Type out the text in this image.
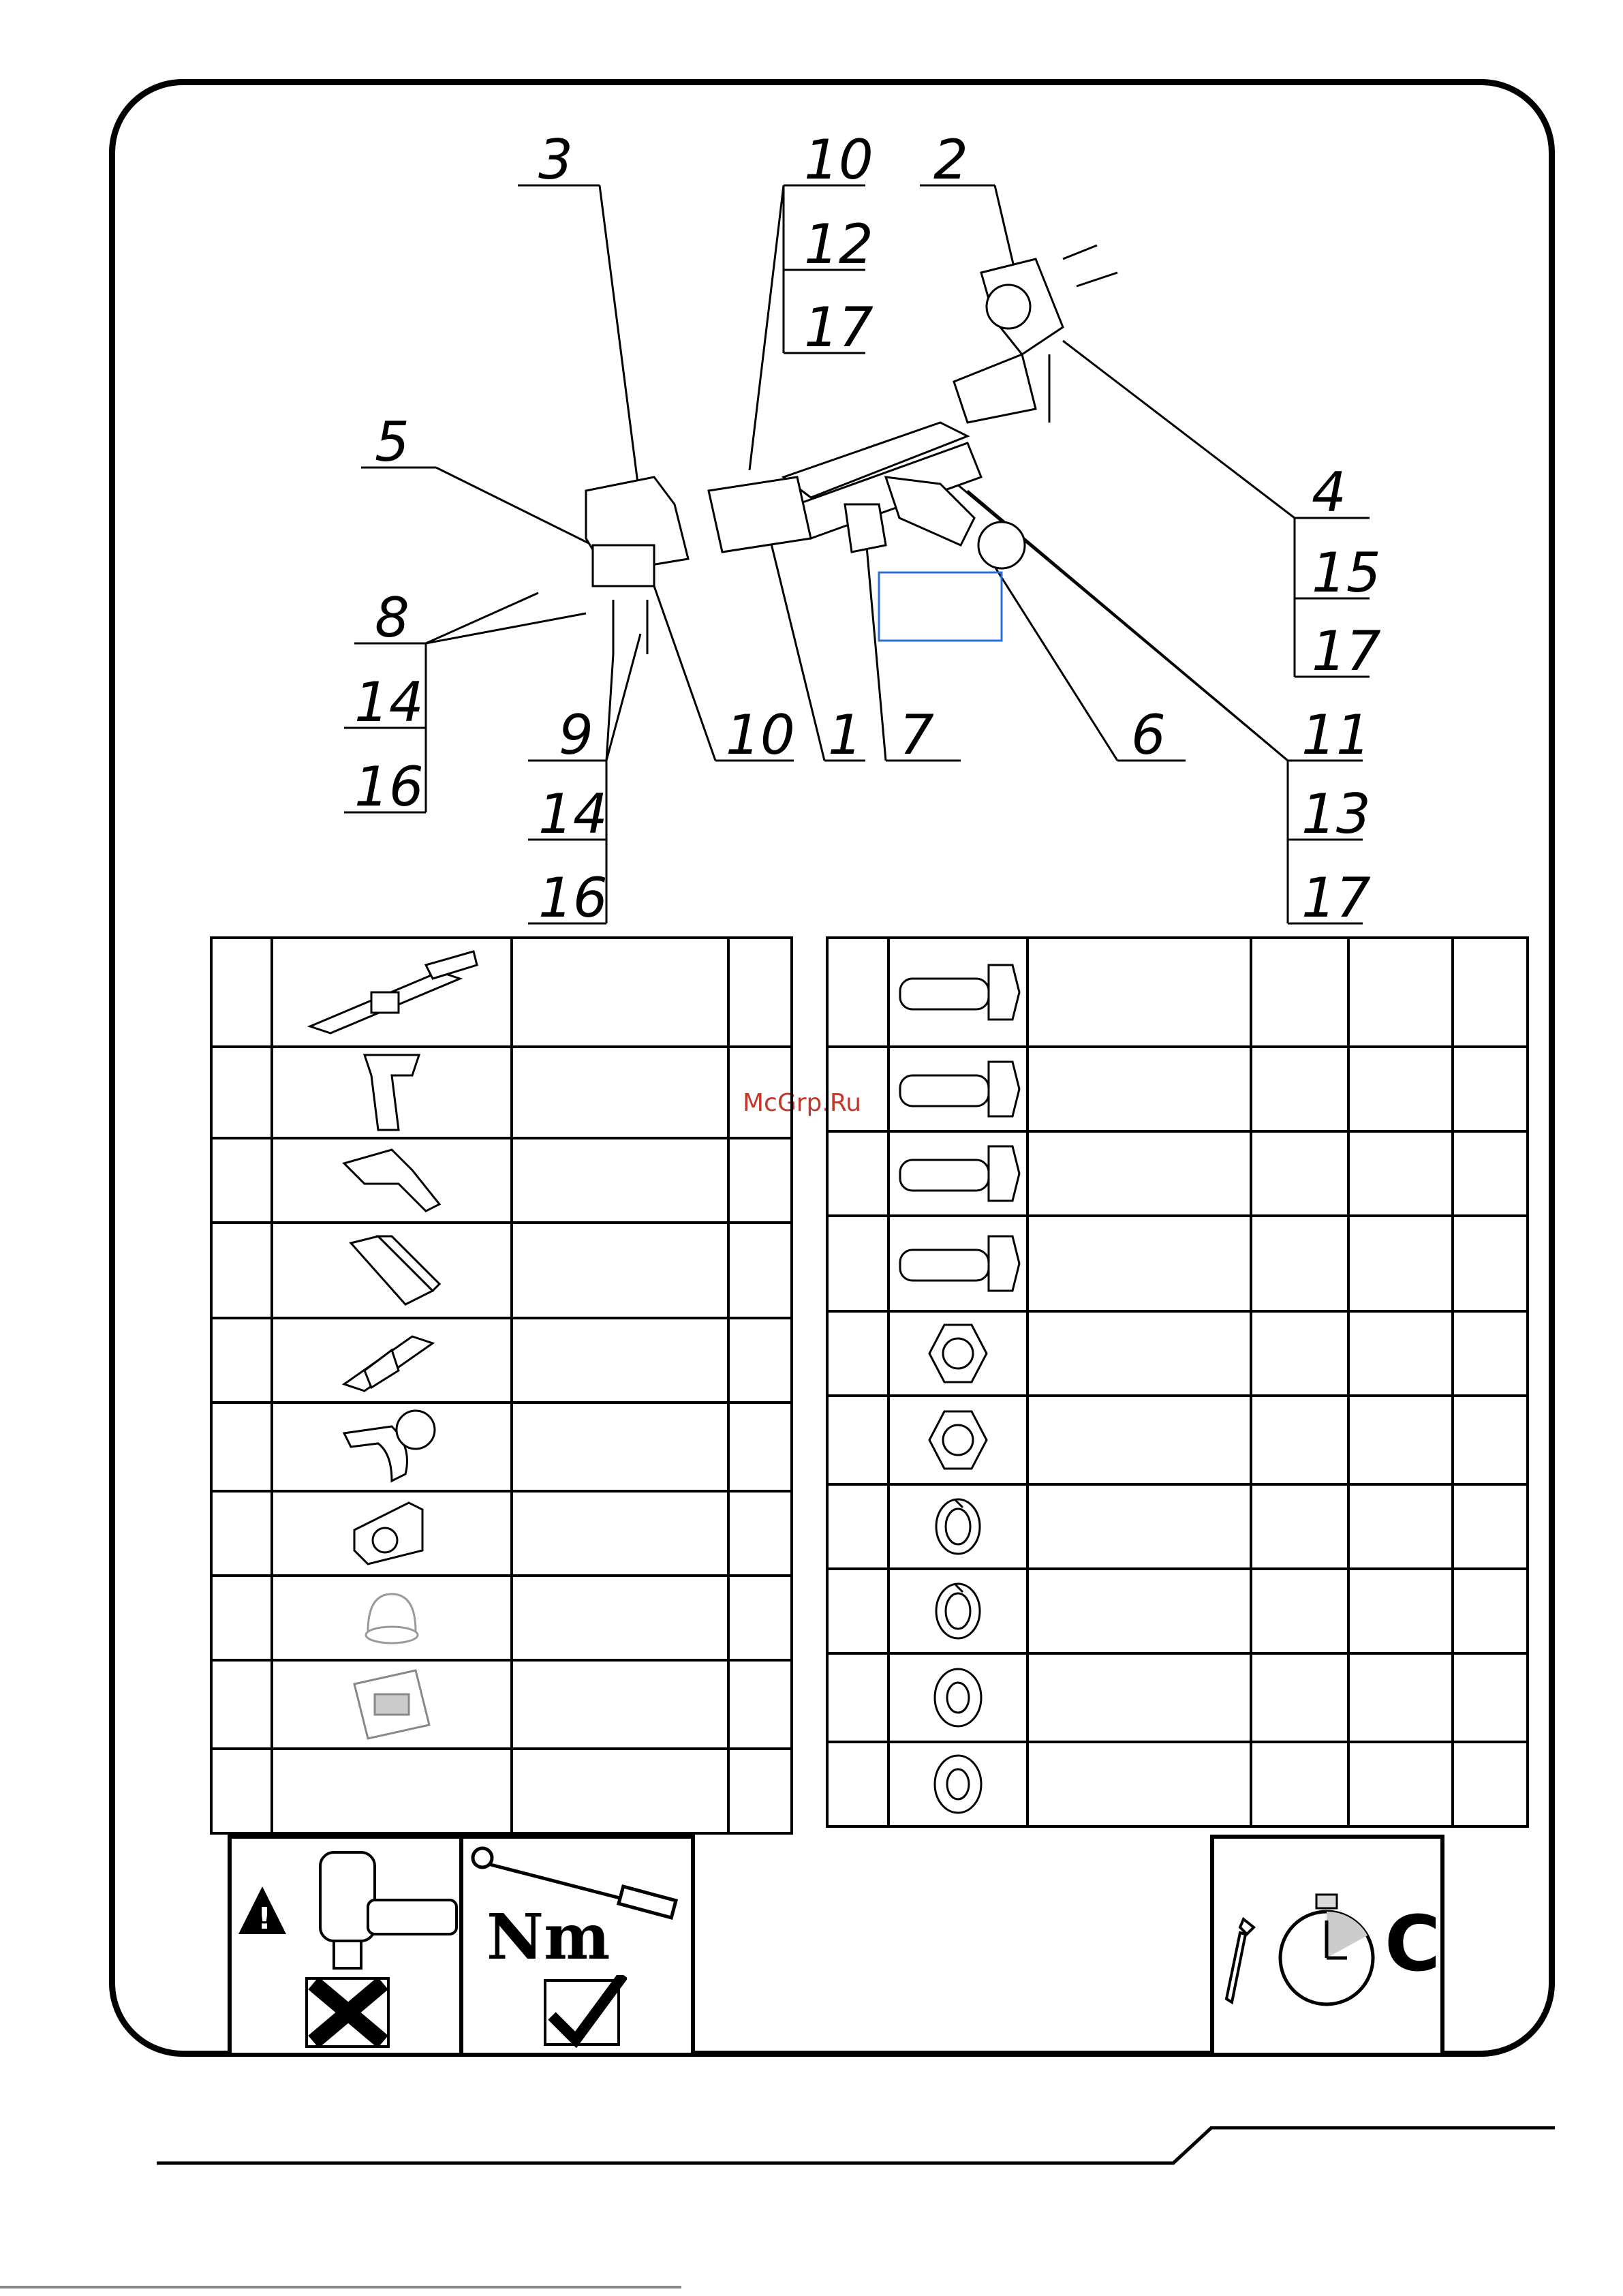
3	10
12
17
2
5
8
14
16
9
14
16
10 1 7	6
4
15
17
11
13
17
McGrp.Ru

!	Nm	C
